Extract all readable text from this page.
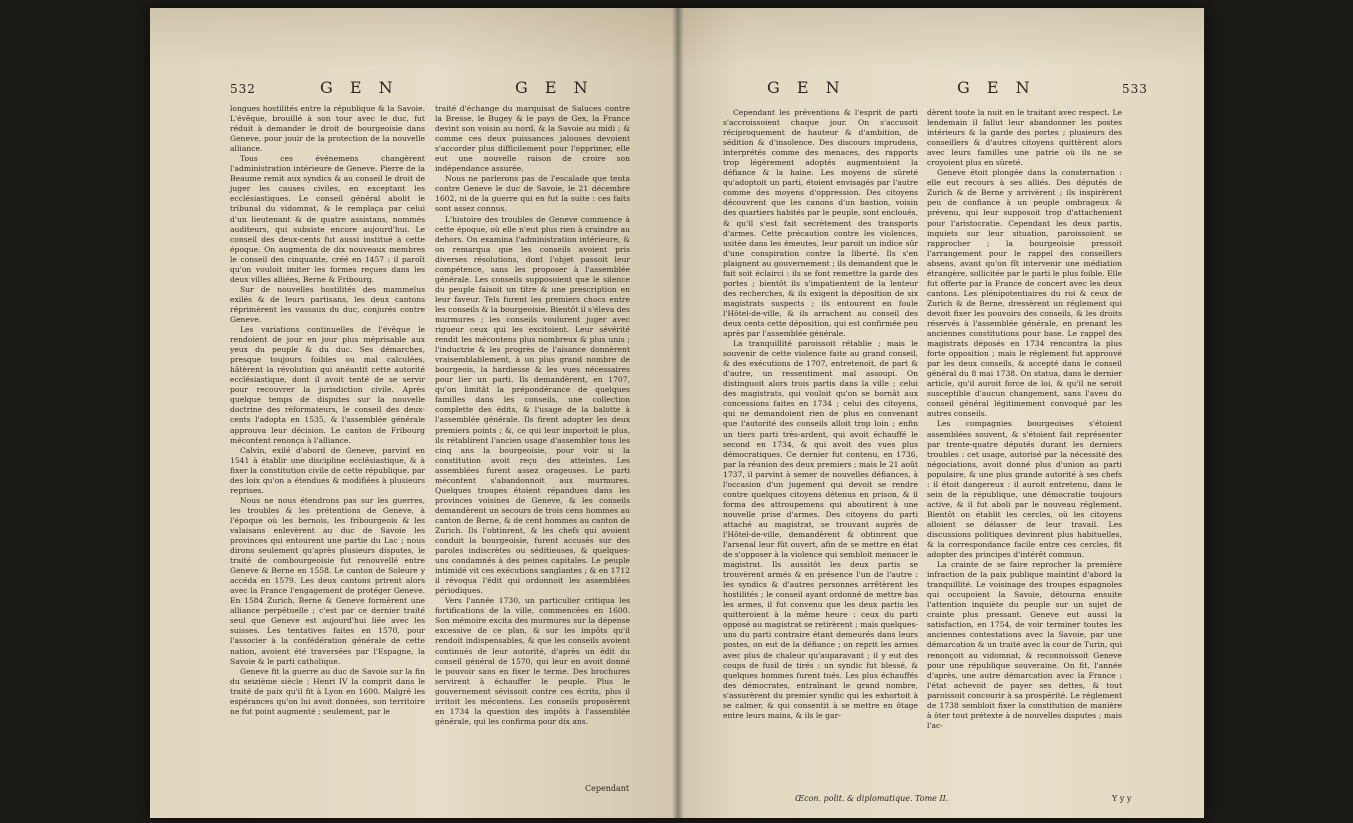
532	G E N	G E N

longues hostilités entre la république & la Savoie. L'évêque, brouillé à son tour avec le duc, fut réduit à demander le droit de bourgeoisie dans Geneve, pour jouir de la protection de la nouvelle alliance.

Tous ces événemens changèrent l'administration intérieure de Geneve. Pierre de la Beaume remit aux syndics & au conseil le droit de juger les causes civiles, en exceptant les ecclésiastiques. Le conseil général abolit le tribunal du vidomnat, & le remplaça par celui d'un lieutenant & de quatre assistans, nommés auditeurs, qui subsiste encore aujourd'hui. Le conseil des deux-cents fut aussi institué à cette époque. On augmenta de dix nouveaux membres le conseil des cinquante, créé en 1457 : il paroît qu'on vouloit imiter les formes reçues dans les deux villes alliées, Berne & Fribourg.

Sur de nouvelles hostilités des mammelus exilés & de leurs partisans, les deux cantons réprimèrent les vassaux du duc, conjurés contre Geneve.

Les variations continuelles de l'évêque le rendoient de jour en jour plus méprisable aux yeux du peuple & du duc. Ses démarches, presque toujours foibles ou mal calculées, hâtèrent la révolution qui anéantit cette autorité ecclésiastique, dont il avoit tenté de se servir pour recouvrer la jurisdiction civile. Après quelque temps de disputes sur la nouvelle doctrine des réformateurs, le conseil des deux-cents l'adopta en 1535, & l'assemblée générale approuva leur décision. Le canton de Fribourg mécontent renonça à l'alliance.

Calvin, exilé d'abord de Geneve, parvint en 1541 à établir une discipline ecclésiastique, & à fixer la constitution civile de cette république, par des loix qu'on a étendues & modifiées à plusieurs reprises.

Nous ne nous étendrons pas sur les guerres, les troubles & les prétentions de Geneve, à l'époque où les bernois, les fribourgeois & les valaisans enlevèrent au duc de Savoie les provinces qui entourent une partie du Lac ; nous dirons seulement qu'après plusieurs disputes, le traité de combourgeoisie fut renouvellé entre Geneve & Berne en 1558. Le canton de Soleure y accéda en 1579. Les deux cantons prirent alors avec la France l'engagement de protéger Geneve. En 1584 Zurich, Berne & Geneve formèrent une alliance perpétuelle ; c'est par ce dernier traité seul que Geneve est aujourd'hui liée avec les suisses. Les tentatives faites en 1570, pour l'associer à la confédération générale de cette nation, avoient été traversées par l'Espagne, la Savoie & le parti catholique.

Geneve fit la guerre au duc de Savoie sur la fin du seizième siècle ; Henri IV la comprit dans le traité de paix qu'il fit à Lyon en 1600. Malgré les espérances qu'on lui avoit données, son territoire ne fut point augmenté ; seulement, par le

traité d'échange du marquisat de Saluces contre la Bresse, le Bugey & le pays de Gex, la France devint son voisin au nord, & la Savoie au midi ; & comme ces deux puissances jalouses devoient s'accorder plus difficilement pour l'opprimer, elle eut une nouvelle raison de croire son indépendance assurée.

Nous ne parlerons pas de l'escalade que tenta contre Geneve le duc de Savoie, le 21 décembre 1602, ni de la guerre qui en fut la suite : ces faits sont assez connus.

L'histoire des troubles de Geneve commence à cette époque, où elle n'eut plus rien à craindre au dehors. On examina l'administration intérieure, & on remarqua que les conseils avoient pris diverses résolutions, dont l'objet passoit leur compétence, sans les proposer à l'assemblée générale. Les conseils supposoient que le silence du peuple faisoit un titre & une prescription en leur faveur. Tels furent les premiers chocs entre les conseils & la bourgeoisie. Bientôt il s'éleva des murmures ; les conseils voulurent juger avec rigueur ceux qui les excitoient. Leur sévérité rendit les mécontens plus nombreux & plus unis ; l'inductrie & les progrès de l'aisance donnèrent vraisemblablement, à un plus grand nombre de bourgeois, la hardiesse & les vues nécessaires pour lier un parti. Ils demandèrent, en 1707, qu'on limitât la prépondérance de quelques familles dans les conseils, une collection complette des édits, & l'usage de la balotte à l'assemblée générale. Ils firent adopter les deux premiers points ; &, ce qui leur importoit le plus, ils rétablirent l'ancien usage d'assembler tous les cinq ans la bourgeoisie, pour voir si la constitution avoit reçu des atteintes. Les assemblées furent assez orageuses. Le parti mécontent s'abandonnoit aux murmures. Quelques troupes étoient répandues dans les provinces voisines de Geneve, & les conseils demandèrent un secours de trois cens hommes au canton de Berne, & de cent hommes au canton de Zurich. Ils l'obtinrent, & les chefs qui avoient conduit la bourgeoisie, furent accusés sur des paroles indiscrètes ou séditieuses, & quelques-uns condamnés à des peines capitales. Le peuple intimidé vit ces exécutions sanglantes ; & en 1712 il révoqua l'édit qui ordonnoit les assemblées périodiques.

Vers l'année 1730, un particulier critiqua les fortifications de la ville, commencées en 1600. Son mémoire excita des murmures sur la dépense excessive de ce plan, & sur les impôts qu'il rendoit indispensables, & que les conseils avoient continués de leur autorité, d'après un édit du conseil général de 1570, qui leur en avoit donné le pouvoir sans en fixer le terme. Des brochures servirent à échauffer le peuple. Plus le gouvernement sévissoit contre ces écrits, plus il irritoit les mécontens. Les conseils proposèrent en 1734 la question des impôts à l'assemblée générale, qui les confirma pour dix ans.

Cependant
G E N	G E N	533

Cependant les préventions & l'esprit de parti s'accroissoient chaque jour. On s'accusoit réciproquement de hauteur & d'ambition, de sédition & d'insolence. Des discours imprudens, interprétés comme des menaces, des rapports trop légèrement adoptés augmentoient la défiance & la haine. Les moyens de sûreté qu'adoptoit un parti, étoient envisagés par l'autre comme des moyens d'oppression. Des citoyens découvrent que les canons d'un bastion, voisin des quartiers habités par le peuple, sont encloués, & qu'il s'est fait secrètement des transports d'armes. Cette précaution contre les violences, usitée dans les émeutes, leur paroit un indice sûr d'une conspiration contre la liberté. Ils s'en plaignent au gouvernement ; ils demandent que le fait soit éclairci : ils se font remettre la garde des portes ; bientôt ils s'impatientent de la lenteur des recherches, & ils exigent la déposition de six magistrats suspects ; ils entourent en foule l'Hôtel-de-ville, & ils arrachent au conseil des deux cents cette déposition, qui est confirmée peu après par l'assemblée générale.

La tranquillité paroissoit rétablie ; mais le souvenir de cette violence faite au grand conseil, & des exécutions de 1707, entretenoit, de part & d'autre, un ressentiment mal assoupi. On distinguoit alors trois partis dans la ville ; celui des magistrats, qui vouloit qu'on se bornât aux concessions faites en 1734 ; celui des citoyens, qui ne demandoient rien de plus en convenant que l'autorité des conseils alloit trop loin ; enfin un tiers parti très-ardent, qui avoit échauffé le second en 1734, & qui avoit des vues plus démocratiques. Ce dernier fut contenu, en 1736, par la réunion des deux premiers ; mais le 21 août 1737, il parvint à semer de nouvelles défiances, à l'occasion d'un jugement qui devoit se rendre contre quelques citoyens détenus en prison, & il forma des attroupemens qui aboutirent à une nouvelle prise d'armes. Des citoyens du parti attaché au magistrat, se trouvant auprès de l'Hôtel-de-ville, demandèrent & obtinrent que l'arsenal leur fût ouvert, afin de se mettre en état de s'opposer à la violence qui sembloit menacer le magistrat. Ils aussitôt les deux partis se trouvèrent armés & en présence l'un de l'autre : les syndics & d'autres personnes arrêtèrent les hostilités ; le conseil ayant ordonné de mettre bas les armes, il fut convenu que les deux partis les quitteroient à la même heure : ceux du parti opposé au magistrat se retirèrent ; mais quelques-uns du parti contraire étant demeurés dans leurs postes, on eut de la défiance ; on reprit les armes avec plus de chaleur qu'auparavant ; il y eut des coups de fusil de tirés : un syndic fut blessé, & quelques hommes furent tués. Les plus échauffés des démocrates, entraînant le grand nombre, s'assurèrent du premier syndic qui les exhortoit à se calmer, & qui consentit à se mettre en ôtage entre leurs mains, & ils le gar-

dèrent toute la nuit en le traitant avec respect. Le lendemain il fallut leur abandonner les postes intérieurs & la garde des portes ; plusieurs des conseillers & d'autres citoyens quittèrent alors avec leurs familles une patrie où ils ne se croyoient plus en sûreté.

Geneve étoit plongée dans la consternation : elle eut recours à ses alliés. Des députés de Zurich & de Berne y arrivèrent ; ils inspirèrent peu de confiance à un peuple ombrageux & prévenu, qui leur supposoit trop d'attachement pour l'aristocratie. Cependant les deux partis, inquiets sur leur situation, paroissoient se rapprocher ; la bourgeoisie pressoit l'arrangement pour le rappel des conseillers absens, avant qu'on fît intervenir une médiation étrangère, sollicitée par le parti le plus foible. Elle fut offerte par la France de concert avec les deux cantons. Les plénipotentiaires du roi & ceux de Zurich & de Berne, dressèrent un réglement qui devoit fixer les pouvoirs des conseils, & les droits réservés à l'assemblée générale, en prenant les anciennes constitutions pour base. Le rappel des magistrats déposés en 1734 rencontra la plus forte opposition ; mais le réglement fut approuvé par les deux conseils, & accepté dans le conseil général du 8 mai 1738. On statua, dans le dernier article, qu'il auroit force de loi, & qu'il ne seroit susceptible d'aucun changement, sans l'aveu du conseil général légitimement convoqué par les autres conseils.

Les compagnies bourgeoises s'étoient assemblées souvent, & s'étoient fait représenter par trente-quatre députés durant les derniers troubles : cet usage, autorisé par la nécessité des négociations, avoit donné plus d'union au parti populaire, & une plus grande autorité à ses chefs : il étoit dangereux : il auroit entretenu, dans le sein de la république, une démocratie toujours active, & il fut aboli par le nouveau réglement. Bientôt on établit les cercles, où les citoyens alloient se délasser de leur travail. Les discussions politiques devinrent plus habituelles, & la correspondance facile entre ces cercles, fit adopter des principes d'intérêt commun.

La crainte de se faire reprocher la première infraction de la paix publique maintint d'abord la tranquillité. Le voisinage des troupes espagnoles qui occupoient la Savoie, détourna ensuite l'attention inquiète du peuple sur un sujet de crainte plus pressant. Geneve eut aussi la satisfaction, en 1754, de voir terminer toutes les anciennes contestations avec la Savoie, par une démarcation & un traité avec la cour de Turin, qui renonçoit au vidomnat, & reconnoissoit Geneve pour une république souveraine. On fit, l'année d'après, une autre démarcation avec la France : l'état achevoit de payer ses dettes, & tout paroissoit concourir à sa prospérité. Le réglement de 1738 sembloit fixer la constitution de manière à ôter tout prétexte à de nouvelles disputes ; mais l'ac-

Œcon. polit. & diplomatique. Tome II.	Y y y
